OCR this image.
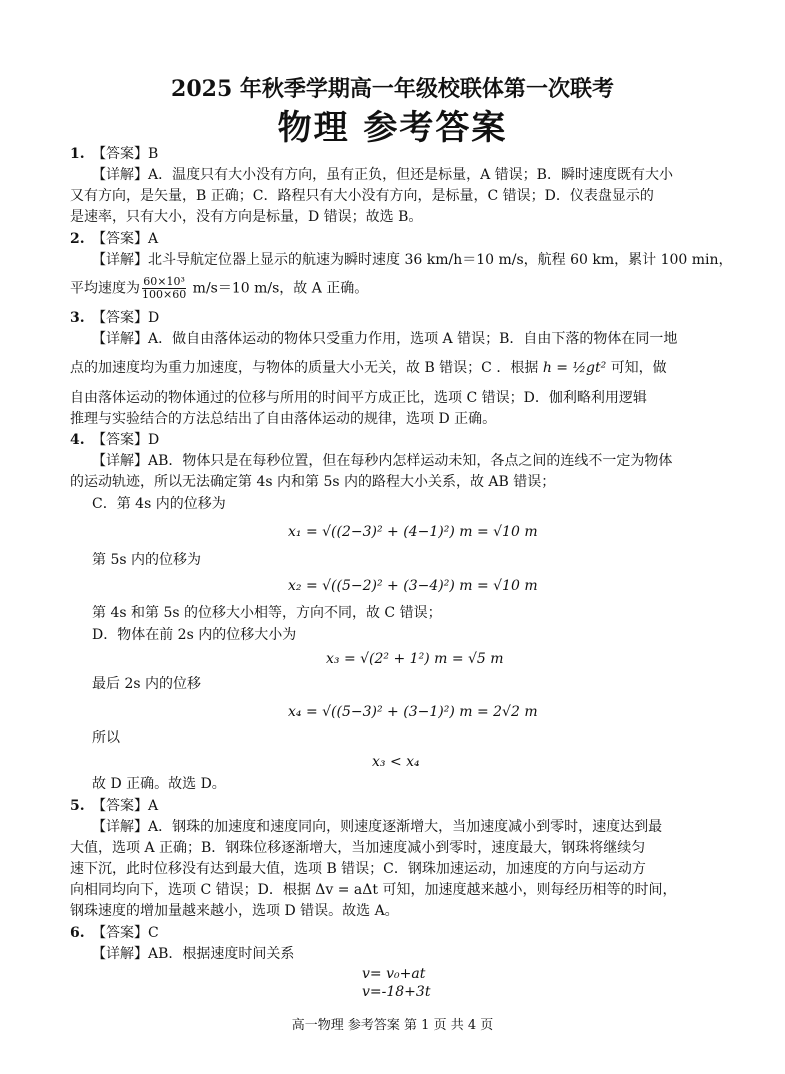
2025 年秋季学期高一年级校联体第一次联考
物理 参考答案
1. 【答案】B
【详解】A．温度只有大小没有方向，虽有正负，但还是标量，A 错误；B．瞬时速度既有大小
又有方向，是矢量，B 正确；C．路程只有大小没有方向，是标量，C 错误；D．仪表盘显示的
是速率，只有大小，没有方向是标量，D 错误；故选 B。
2. 【答案】A
【详解】北斗导航定位器上显示的航速为瞬时速度 36 km/h＝10 m/s，航程 60 km，累计 100 min，
平均速度为 $\frac{\text{60×10³}}{100\times 60} m/s=10$ m/s，故 A 正确。
3. 【答案】D
【详解】A．做自由落体运动的物体只受重力作用，选项 A 错误；B．自由下落的物体在同一地
点的加速度均为重力加速度，与物体的质量大小无关，故 B 错误；C ．根据 h = ½gt² 可知，做
自由落体运动的物体通过的位移与所用的时间平方成正比，选项 C 错误；D．伽利略利用逻辑
推理与实验结合的方法总结出了自由落体运动的规律，选项 D 正确。
4. 【答案】D
【详解】AB．物体只是在每秒位置，但在每秒内怎样运动未知，各点之间的连线不一定为物体
的运动轨迹，所以无法确定第 4s 内和第 5s 内的路程大小关系，故 AB 错误；
C．第 4s 内的位移为
x₁ = √((2−3)² + (4−1)²) m = √10 m
第 5s 内的位移为
x₂ = √((5−2)² + (3−4)²) m = √10 m
第 4s 和第 5s 的位移大小相等，方向不同，故 C 错误；
D．物体在前 2s 内的位移大小为
x₃ = √(2² + 1²) m = √5 m
最后 2s 内的位移
x₄ = √((5−3)² + (3−1)²) m = 2√2 m
所以
x₃ < x₄
故 D 正确。故选 D。
5. 【答案】A
【详解】A．钢珠的加速度和速度同向，则速度逐渐增大，当加速度减小到零时，速度达到最
大值，选项 A 正确；B．钢珠位移逐渐增大，当加速度减小到零时，速度最大，钢珠将继续匀
速下沉，此时位移没有达到最大值，选项 B 错误；C．钢珠加速运动，加速度的方向与运动方
向相同均向下，选项 C 错误；D．根据 Δv = aΔt 可知，加速度越来越小，则每经历相等的时间，
钢珠速度的增加量越来越小，选项 D 错误。故选 A。
6. 【答案】C
【详解】AB．根据速度时间关系
v= v₀+at
v=-18+3t
高一物理 参考答案 第 1 页 共 4 页
